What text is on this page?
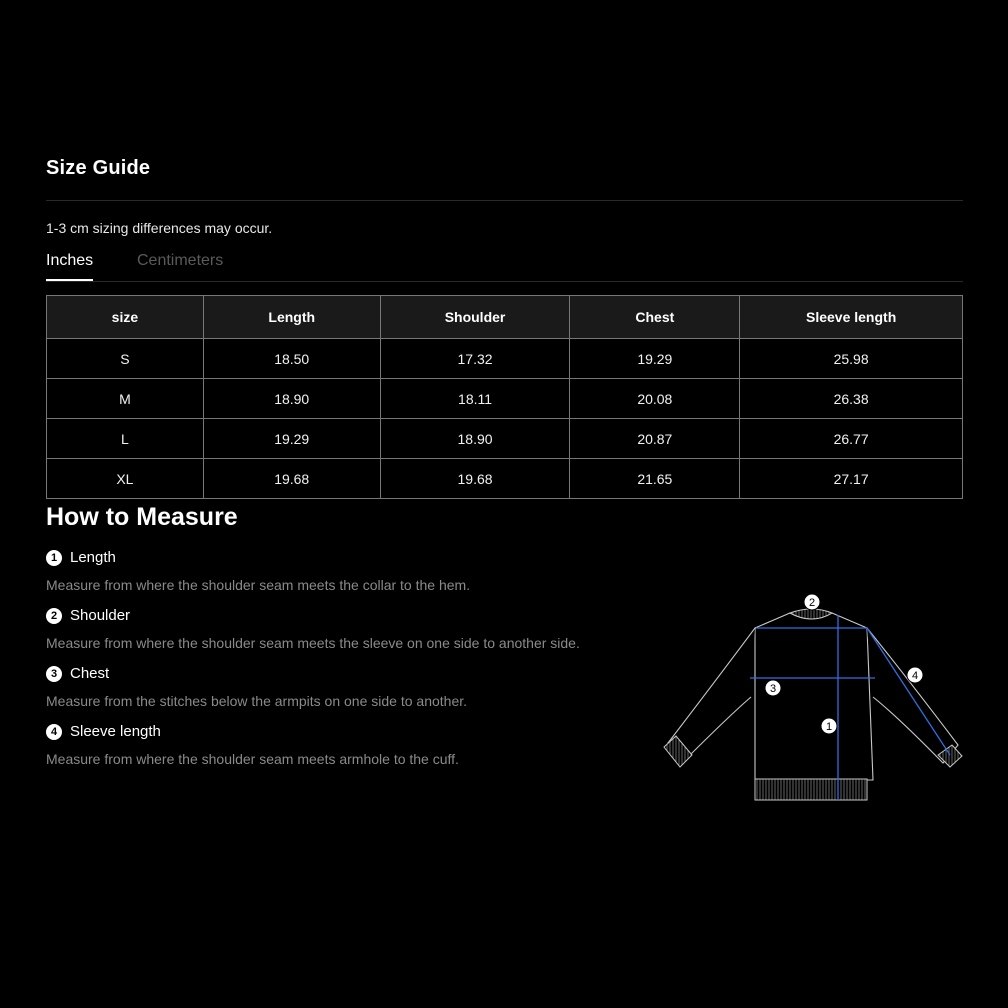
Size Guide
1-3 cm sizing differences may occur.
Inches	Centimeters
size	Length	Shoulder	Chest	Sleeve length
S	18.50	17.32	19.29	25.98
M	18.90	18.11	20.08	26.38
L	19.29	18.90	20.87	26.77
XL	19.68	19.68	21.65	27.17
How to Measure
1 Length
Measure from where the shoulder seam meets the collar to the hem.
2 Shoulder
Measure from where the shoulder seam meets the sleeve on one side to another side.
3 Chest
Measure from the stitches below the armpits on one side to another.
4 Sleeve length
Measure from where the shoulder seam meets armhole to the cuff.
2
3
1
4
